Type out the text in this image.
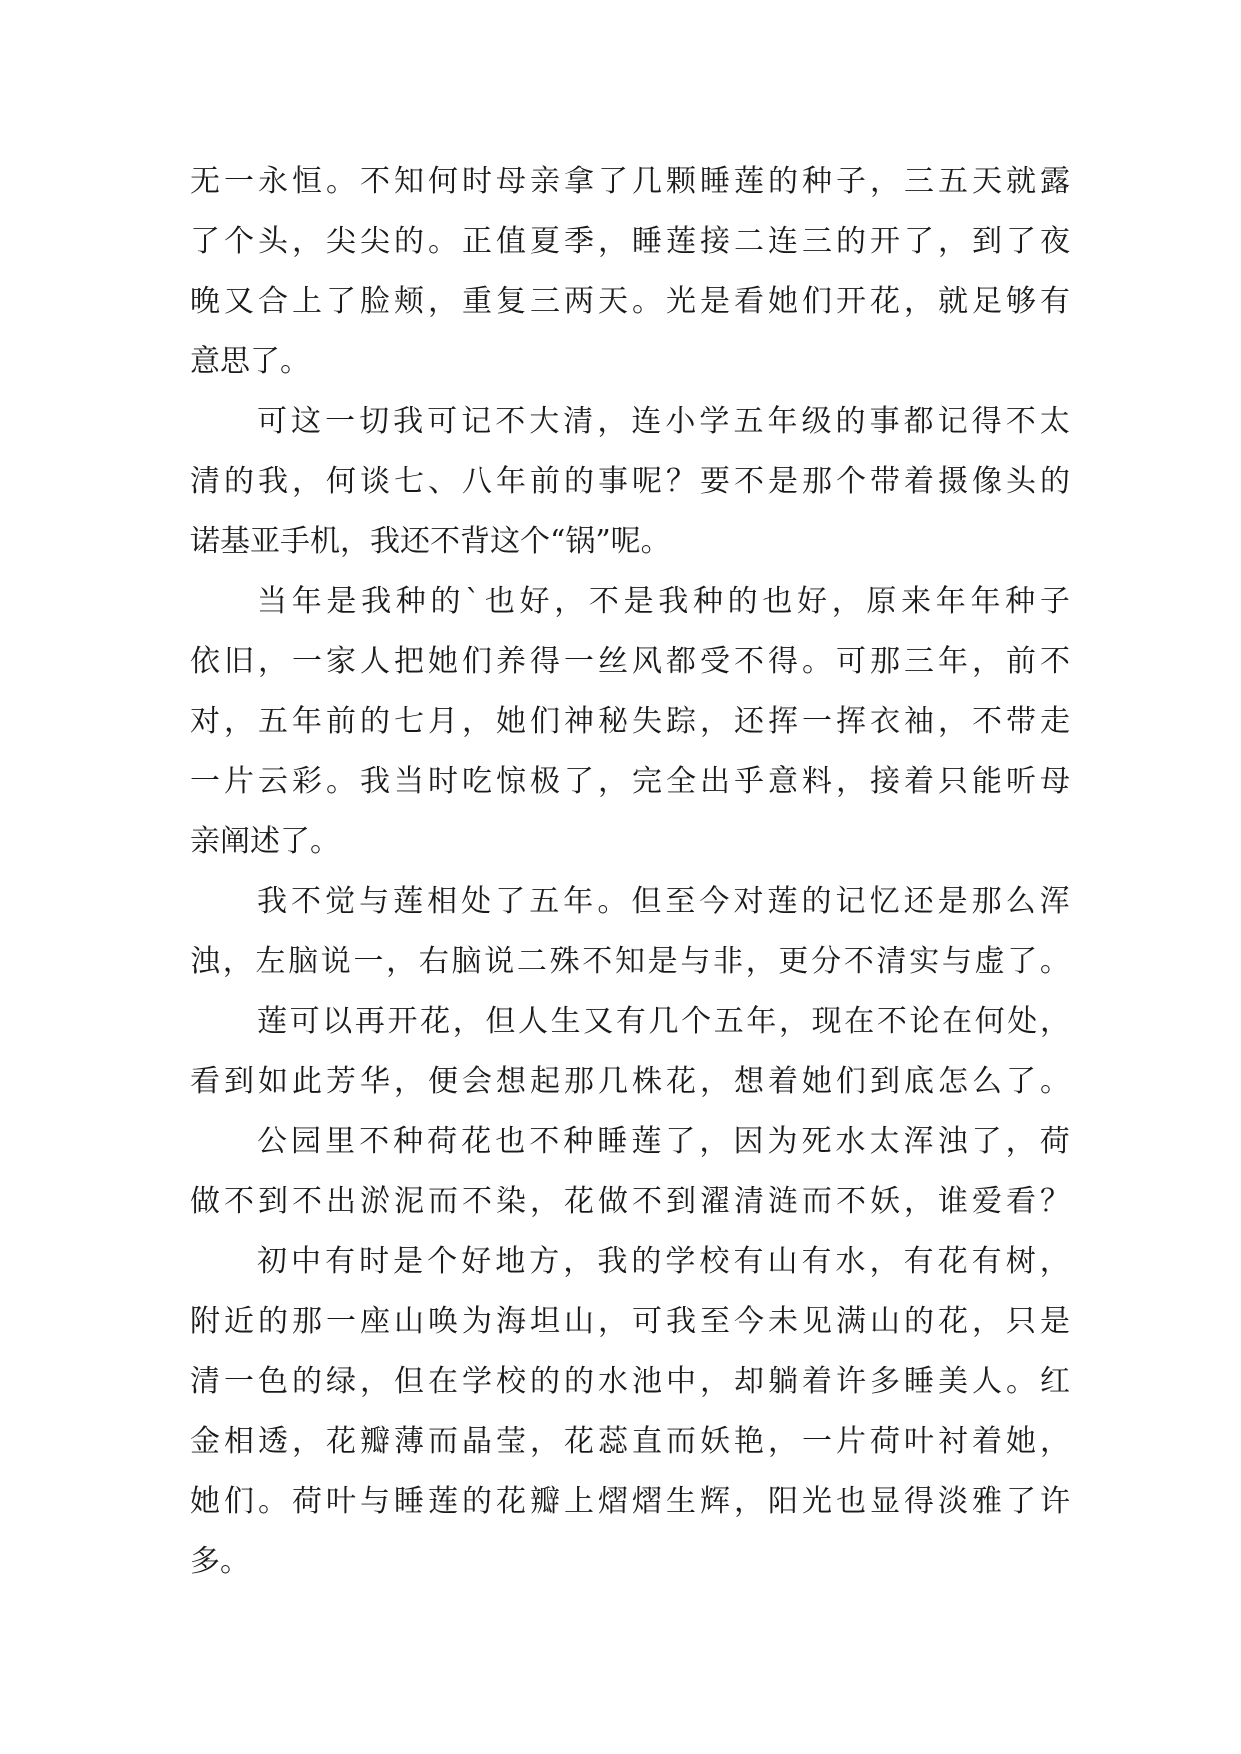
无 一 永 恒 。 不 知 何 时 母 亲 拿 了 几 颗 睡 莲 的 种 子 ， 三 五 天 就 露
了 个 头 ， 尖 尖 的 。 正 值 夏 季 ， 睡 莲 接 二 连 三 的 开 了 ， 到 了 夜
晚 又 合 上 了 脸 颊 ， 重 复 三 两 天 。 光 是 看 她 们 开 花 ， 就 足 够 有
意思了。
可 这 一 切 我 可 记 不 大 清 ， 连 小 学 五 年 级 的 事 都 记 得 不 太
清 的 我 ， 何 谈 七 、 八 年 前 的 事 呢 ？ 要 不 是 那 个 带 着 摄 像 头 的
诺基亚手机，我还不背这个“锅”呢。
当 年 是 我 种 的 ` 也 好 ， 不 是 我 种 的 也 好 ， 原 来 年 年 种 子
依 旧 ， 一 家 人 把 她 们 养 得 一 丝 风 都 受 不 得 。 可 那 三 年 ， 前 不
对 ， 五 年 前 的 七 月 ， 她 们 神 秘 失 踪 ， 还 挥 一 挥 衣 袖 ， 不 带 走
一 片 云 彩 。 我 当 时 吃 惊 极 了 ， 完 全 出 乎 意 料 ， 接 着 只 能 听 母
亲阐述了。
我 不 觉 与 莲 相 处 了 五 年 。 但 至 今 对 莲 的 记 忆 还 是 那 么 浑
浊 ， 左 脑 说 一 ， 右 脑 说 二 殊 不 知 是 与 非 ， 更 分 不 清 实 与 虚 了 。
莲 可 以 再 开 花 ， 但 人 生 又 有 几 个 五 年 ， 现 在 不 论 在 何 处 ，
看 到 如 此 芳 华 ， 便 会 想 起 那 几 株 花 ， 想 着 她 们 到 底 怎 么 了 。
公 园 里 不 种 荷 花 也 不 种 睡 莲 了 ， 因 为 死 水 太 浑 浊 了 ， 荷
做 不 到 不 出 淤 泥 而 不 染 ， 花 做 不 到 濯 清 涟 而 不 妖 ， 谁 爱 看 ？
初 中 有 时 是 个 好 地 方 ， 我 的 学 校 有 山 有 水 ， 有 花 有 树 ，
附 近 的 那 一 座 山 唤 为 海 坦 山 ， 可 我 至 今 未 见 满 山 的 花 ， 只 是
清 一 色 的 绿 ， 但 在 学 校 的 的 水 池 中 ， 却 躺 着 许 多 睡 美 人 。 红
金 相 透 ， 花 瓣 薄 而 晶 莹 ， 花 蕊 直 而 妖 艳 ， 一 片 荷 叶 衬 着 她 ，
她 们 。 荷 叶 与 睡 莲 的 花 瓣 上 熠 熠 生 辉 ， 阳 光 也 显 得 淡 雅 了 许
多。
